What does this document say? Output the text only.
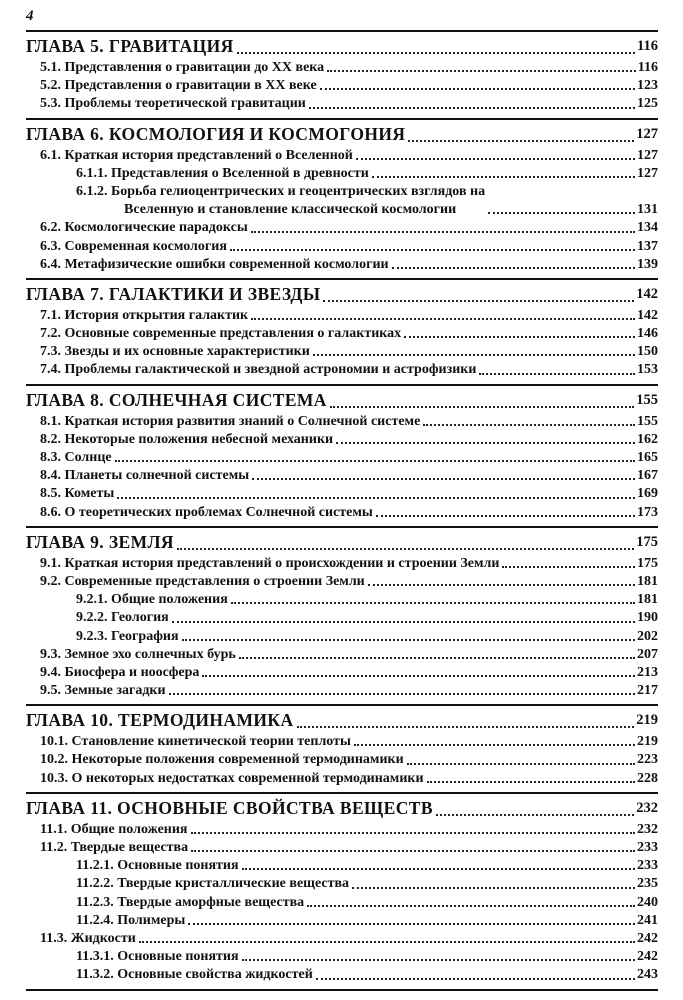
4
ГЛАВА 5. ГРАВИТАЦИЯ	116
5.1. Представления о гравитации до XX века	116
5.2. Представления о гравитации в XX веке	123
5.3. Проблемы теоретической гравитации	125
ГЛАВА 6. КОСМОЛОГИЯ И КОСМОГОНИЯ	127
6.1. Краткая история представлений о Вселенной	127
6.1.1. Представления о Вселенной в древности	127
6.1.2. Борьба гелиоцентрических и геоцентрических взглядов на
Вселенную и становление классической космологии	131
6.2. Космологические парадоксы	134
6.3. Современная космология	137
6.4. Метафизические ошибки современной космологии	139
ГЛАВА 7. ГАЛАКТИКИ И ЗВЕЗДЫ	142
7.1. История открытия галактик	142
7.2. Основные современные представления о галактиках	146
7.3. Звезды и их основные характеристики	150
7.4. Проблемы галактической и звездной астрономии и астрофизики	153
ГЛАВА 8. СОЛНЕЧНАЯ СИСТЕМА	155
8.1. Краткая история развития знаний о Солнечной системе	155
8.2. Некоторые положения небесной механики	162
8.3. Солнце	165
8.4. Планеты солнечной системы	167
8.5. Кометы	169
8.6. О теоретических проблемах Солнечной системы	173
ГЛАВА 9. ЗЕМЛЯ	175
9.1. Краткая история представлений о происхождении и строении Земли	175
9.2. Современные представления о строении Земли	181
9.2.1. Общие положения	181
9.2.2. Геология	190
9.2.3. География	202
9.3. Земное эхо солнечных бурь	207
9.4. Биосфера и ноосфера	213
9.5. Земные загадки	217
ГЛАВА 10. ТЕРМОДИНАМИКА	219
10.1. Становление кинетической теории теплоты	219
10.2. Некоторые положения современной термодинамики	223
10.3. О некоторых недостатках современной термодинамики	228
ГЛАВА 11. ОСНОВНЫЕ СВОЙСТВА ВЕЩЕСТВ	232
11.1. Общие положения	232
11.2. Твердые вещества	233
11.2.1. Основные понятия	233
11.2.2. Твердые кристаллические вещества	235
11.2.3. Твердые аморфные вещества	240
11.2.4. Полимеры	241
11.3. Жидкости	242
11.3.1. Основные понятия	242
11.3.2. Основные свойства жидкостей	243
